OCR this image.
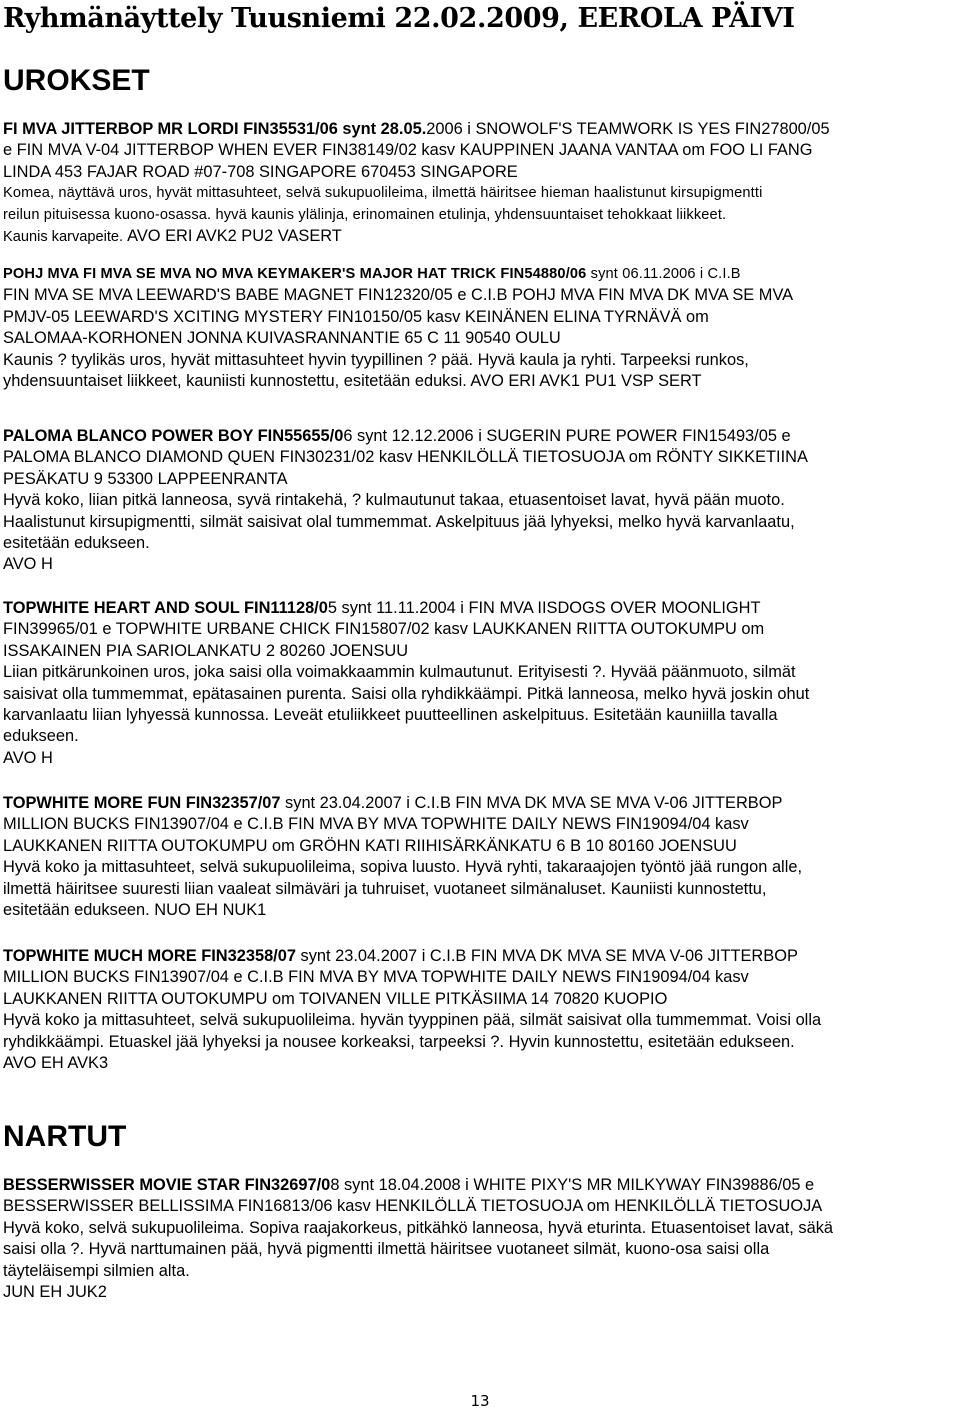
Ryhmänäyttely Tuusniemi 22.02.2009, EEROLA PÄIVI
UROKSET
FI MVA JITTERBOP MR LORDI FIN35531/06 synt 28.05.2006 i SNOWOLF'S TEAMWORK IS YES FIN27800/05
e FIN MVA V-04 JITTERBOP WHEN EVER FIN38149/02 kasv KAUPPINEN JAANA VANTAA om FOO LI FANG
LINDA 453 FAJAR ROAD #07-708 SINGAPORE 670453 SINGAPORE
Komea, näyttävä uros, hyvät mittasuhteet, selvä sukupuolileima, ilmettä häiritsee hieman haalistunut kirsupigmentti
reilun pituisessa kuono-osassa. hyvä kaunis ylälinja, erinomainen etulinja, yhdensuuntaiset tehokkaat liikkeet.
Kaunis karvapeite. AVO ERI AVK2 PU2 VASERT
POHJ MVA FI MVA SE MVA NO MVA KEYMAKER'S MAJOR HAT TRICK FIN54880/06 synt 06.11.2006 i C.I.B
FIN MVA SE MVA LEEWARD'S BABE MAGNET FIN12320/05 e C.I.B POHJ MVA FIN MVA DK MVA SE MVA
PMJV-05 LEEWARD'S XCITING MYSTERY FIN10150/05 kasv KEINÄNEN ELINA TYRNÄVÄ om
SALOMAA-KORHONEN JONNA KUIVASRANNANTIE 65 C 11 90540 OULU
Kaunis ? tyylikäs uros, hyvät mittasuhteet hyvin tyypillinen ? pää. Hyvä kaula ja ryhti. Tarpeeksi runkos,
yhdensuuntaiset liikkeet, kauniisti kunnostettu, esitetään eduksi. AVO ERI AVK1 PU1 VSP SERT
PALOMA BLANCO POWER BOY FIN55655/06 synt 12.12.2006 i SUGERIN PURE POWER FIN15493/05 e
PALOMA BLANCO DIAMOND QUEN FIN30231/02 kasv HENKILÖLLÄ TIETOSUOJA om RÖNTY SIKKETIINA
PESÄKATU 9 53300 LAPPEENRANTA
Hyvä koko, liian pitkä lanneosa, syvä rintakehä, ? kulmautunut takaa, etuasentoiset lavat, hyvä pään muoto.
Haalistunut kirsupigmentti, silmät saisivat olal tummemmat. Askelpituus jää lyhyeksi, melko hyvä karvanlaatu,
esitetään edukseen.
AVO H
TOPWHITE HEART AND SOUL FIN11128/05 synt 11.11.2004 i FIN MVA IISDOGS OVER MOONLIGHT
FIN39965/01 e TOPWHITE URBANE CHICK FIN15807/02 kasv LAUKKANEN RIITTA OUTOKUMPU om
ISSAKAINEN PIA SARIOLANKATU 2 80260 JOENSUU
Liian pitkärunkoinen uros, joka saisi olla voimakkaammin kulmautunut. Erityisesti ?. Hyvää päänmuoto, silmät
saisivat olla tummemmat, epätasainen purenta. Saisi olla ryhdikkäämpi. Pitkä lanneosa, melko hyvä joskin ohut
karvanlaatu liian lyhyessä kunnossa. Leveät etuliikkeet puutteellinen askelpituus. Esitetään kauniilla tavalla
edukseen.
AVO H
TOPWHITE MORE FUN FIN32357/07 synt 23.04.2007 i C.I.B FIN MVA DK MVA SE MVA V-06 JITTERBOP
MILLION BUCKS FIN13907/04 e C.I.B FIN MVA BY MVA TOPWHITE DAILY NEWS FIN19094/04 kasv
LAUKKANEN RIITTA OUTOKUMPU om GRÖHN KATI RIIHISÄRKÄNKATU 6 B 10 80160 JOENSUU
Hyvä koko ja mittasuhteet, selvä sukupuolileima, sopiva luusto. Hyvä ryhti, takaraajojen työntö jää rungon alle,
ilmettä häiritsee suuresti liian vaaleat silmäväri ja tuhruiset, vuotaneet silmänaluset. Kauniisti kunnostettu,
esitetään edukseen. NUO EH NUK1
TOPWHITE MUCH MORE FIN32358/07 synt 23.04.2007 i C.I.B FIN MVA DK MVA SE MVA V-06 JITTERBOP
MILLION BUCKS FIN13907/04 e C.I.B FIN MVA BY MVA TOPWHITE DAILY NEWS FIN19094/04 kasv
LAUKKANEN RIITTA OUTOKUMPU om TOIVANEN VILLE PITKÄSIIMA 14 70820 KUOPIO
Hyvä koko ja mittasuhteet, selvä sukupuolileima. hyvän tyyppinen pää, silmät saisivat olla tummemmat. Voisi olla
ryhdikkäämpi. Etuaskel jää lyhyeksi ja nousee korkeaksi, tarpeeksi ?. Hyvin kunnostettu, esitetään edukseen.
AVO EH AVK3
NARTUT
BESSERWISSER MOVIE STAR FIN32697/08 synt 18.04.2008 i WHITE PIXY'S MR MILKYWAY FIN39886/05 e
BESSERWISSER BELLISSIMA FIN16813/06 kasv HENKILÖLLÄ TIETOSUOJA om HENKILÖLLÄ TIETOSUOJA
Hyvä koko, selvä sukupuolileima. Sopiva raajakorkeus, pitkähkö lanneosa, hyvä eturinta. Etuasentoiset lavat, säkä
saisi olla ?. Hyvä narttumainen pää, hyvä pigmentti ilmettä häiritsee vuotaneet silmät, kuono-osa saisi olla
täyteläisempi silmien alta.
JUN EH JUK2
13
